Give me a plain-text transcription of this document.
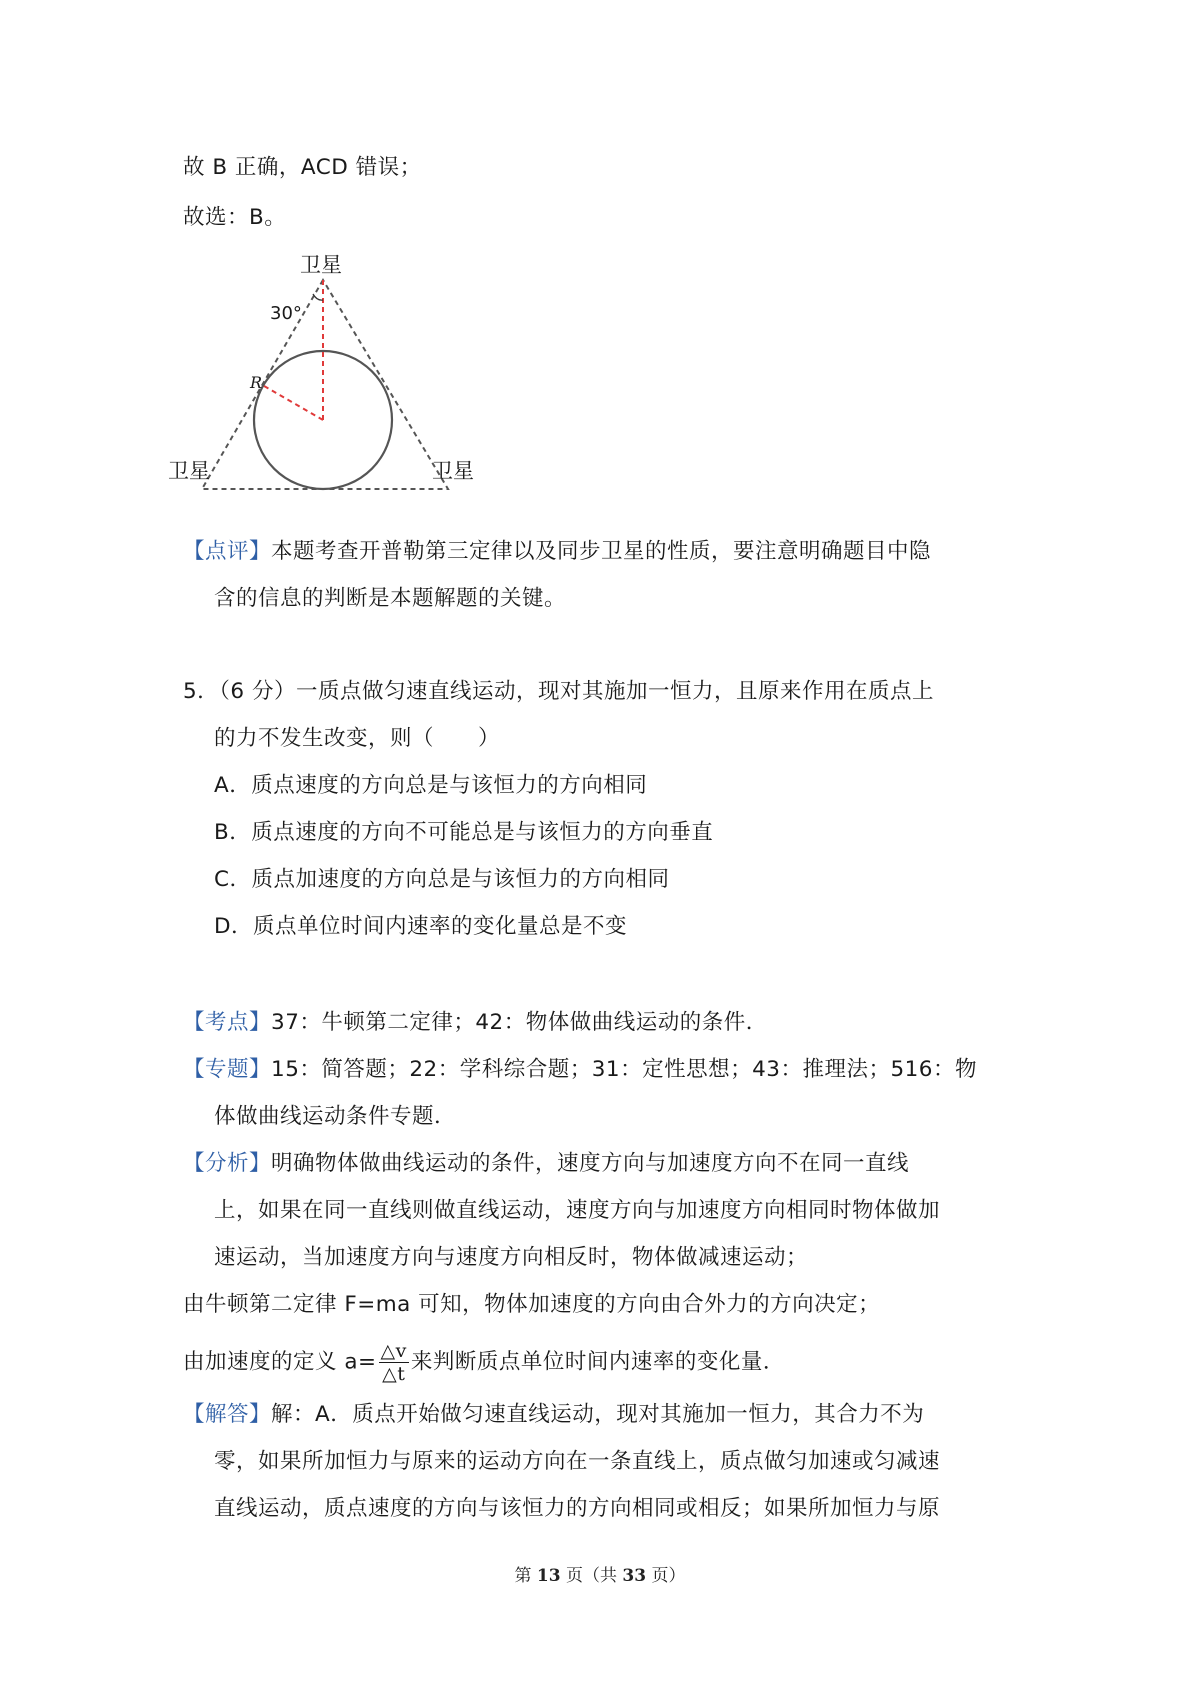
故 B 正确，ACD 错误；

故选：B。

卫星
30°
R
卫星	卫星

【点评】本题考查开普勒第三定律以及同步卫星的性质，要注意明确题目中隐

含的信息的判断是本题解题的关键。

5．（6 分）一质点做匀速直线运动，现对其施加一恒力，且原来作用在质点上

的力不发生改变，则（　　）

A．质点速度的方向总是与该恒力的方向相同

B．质点速度的方向不可能总是与该恒力的方向垂直

C．质点加速度的方向总是与该恒力的方向相同

D．质点单位时间内速率的变化量总是不变

【考点】37：牛顿第二定律；42：物体做曲线运动的条件．

【专题】15：简答题；22：学科综合题；31：定性思想；43：推理法；516：物

体做曲线运动条件专题．

【分析】明确物体做曲线运动的条件，速度方向与加速度方向不在同一直线

上，如果在同一直线则做直线运动，速度方向与加速度方向相同时物体做加

速运动，当加速度方向与速度方向相反时，物体做减速运动；

由牛顿第二定律 F=ma 可知，物体加速度的方向由合外力的方向决定；

由加速度的定义 $a= \frac{\triangle v}{\triangle t}$ 来判断质点单位时间内速率的变化量．

【解答】解：A．质点开始做匀速直线运动，现对其施加一恒力，其合力不为

零，如果所加恒力与原来的运动方向在一条直线上，质点做匀加速或匀减速

直线运动，质点速度的方向与该恒力的方向相同或相反；如果所加恒力与原

第 13 页（共 33 页）
